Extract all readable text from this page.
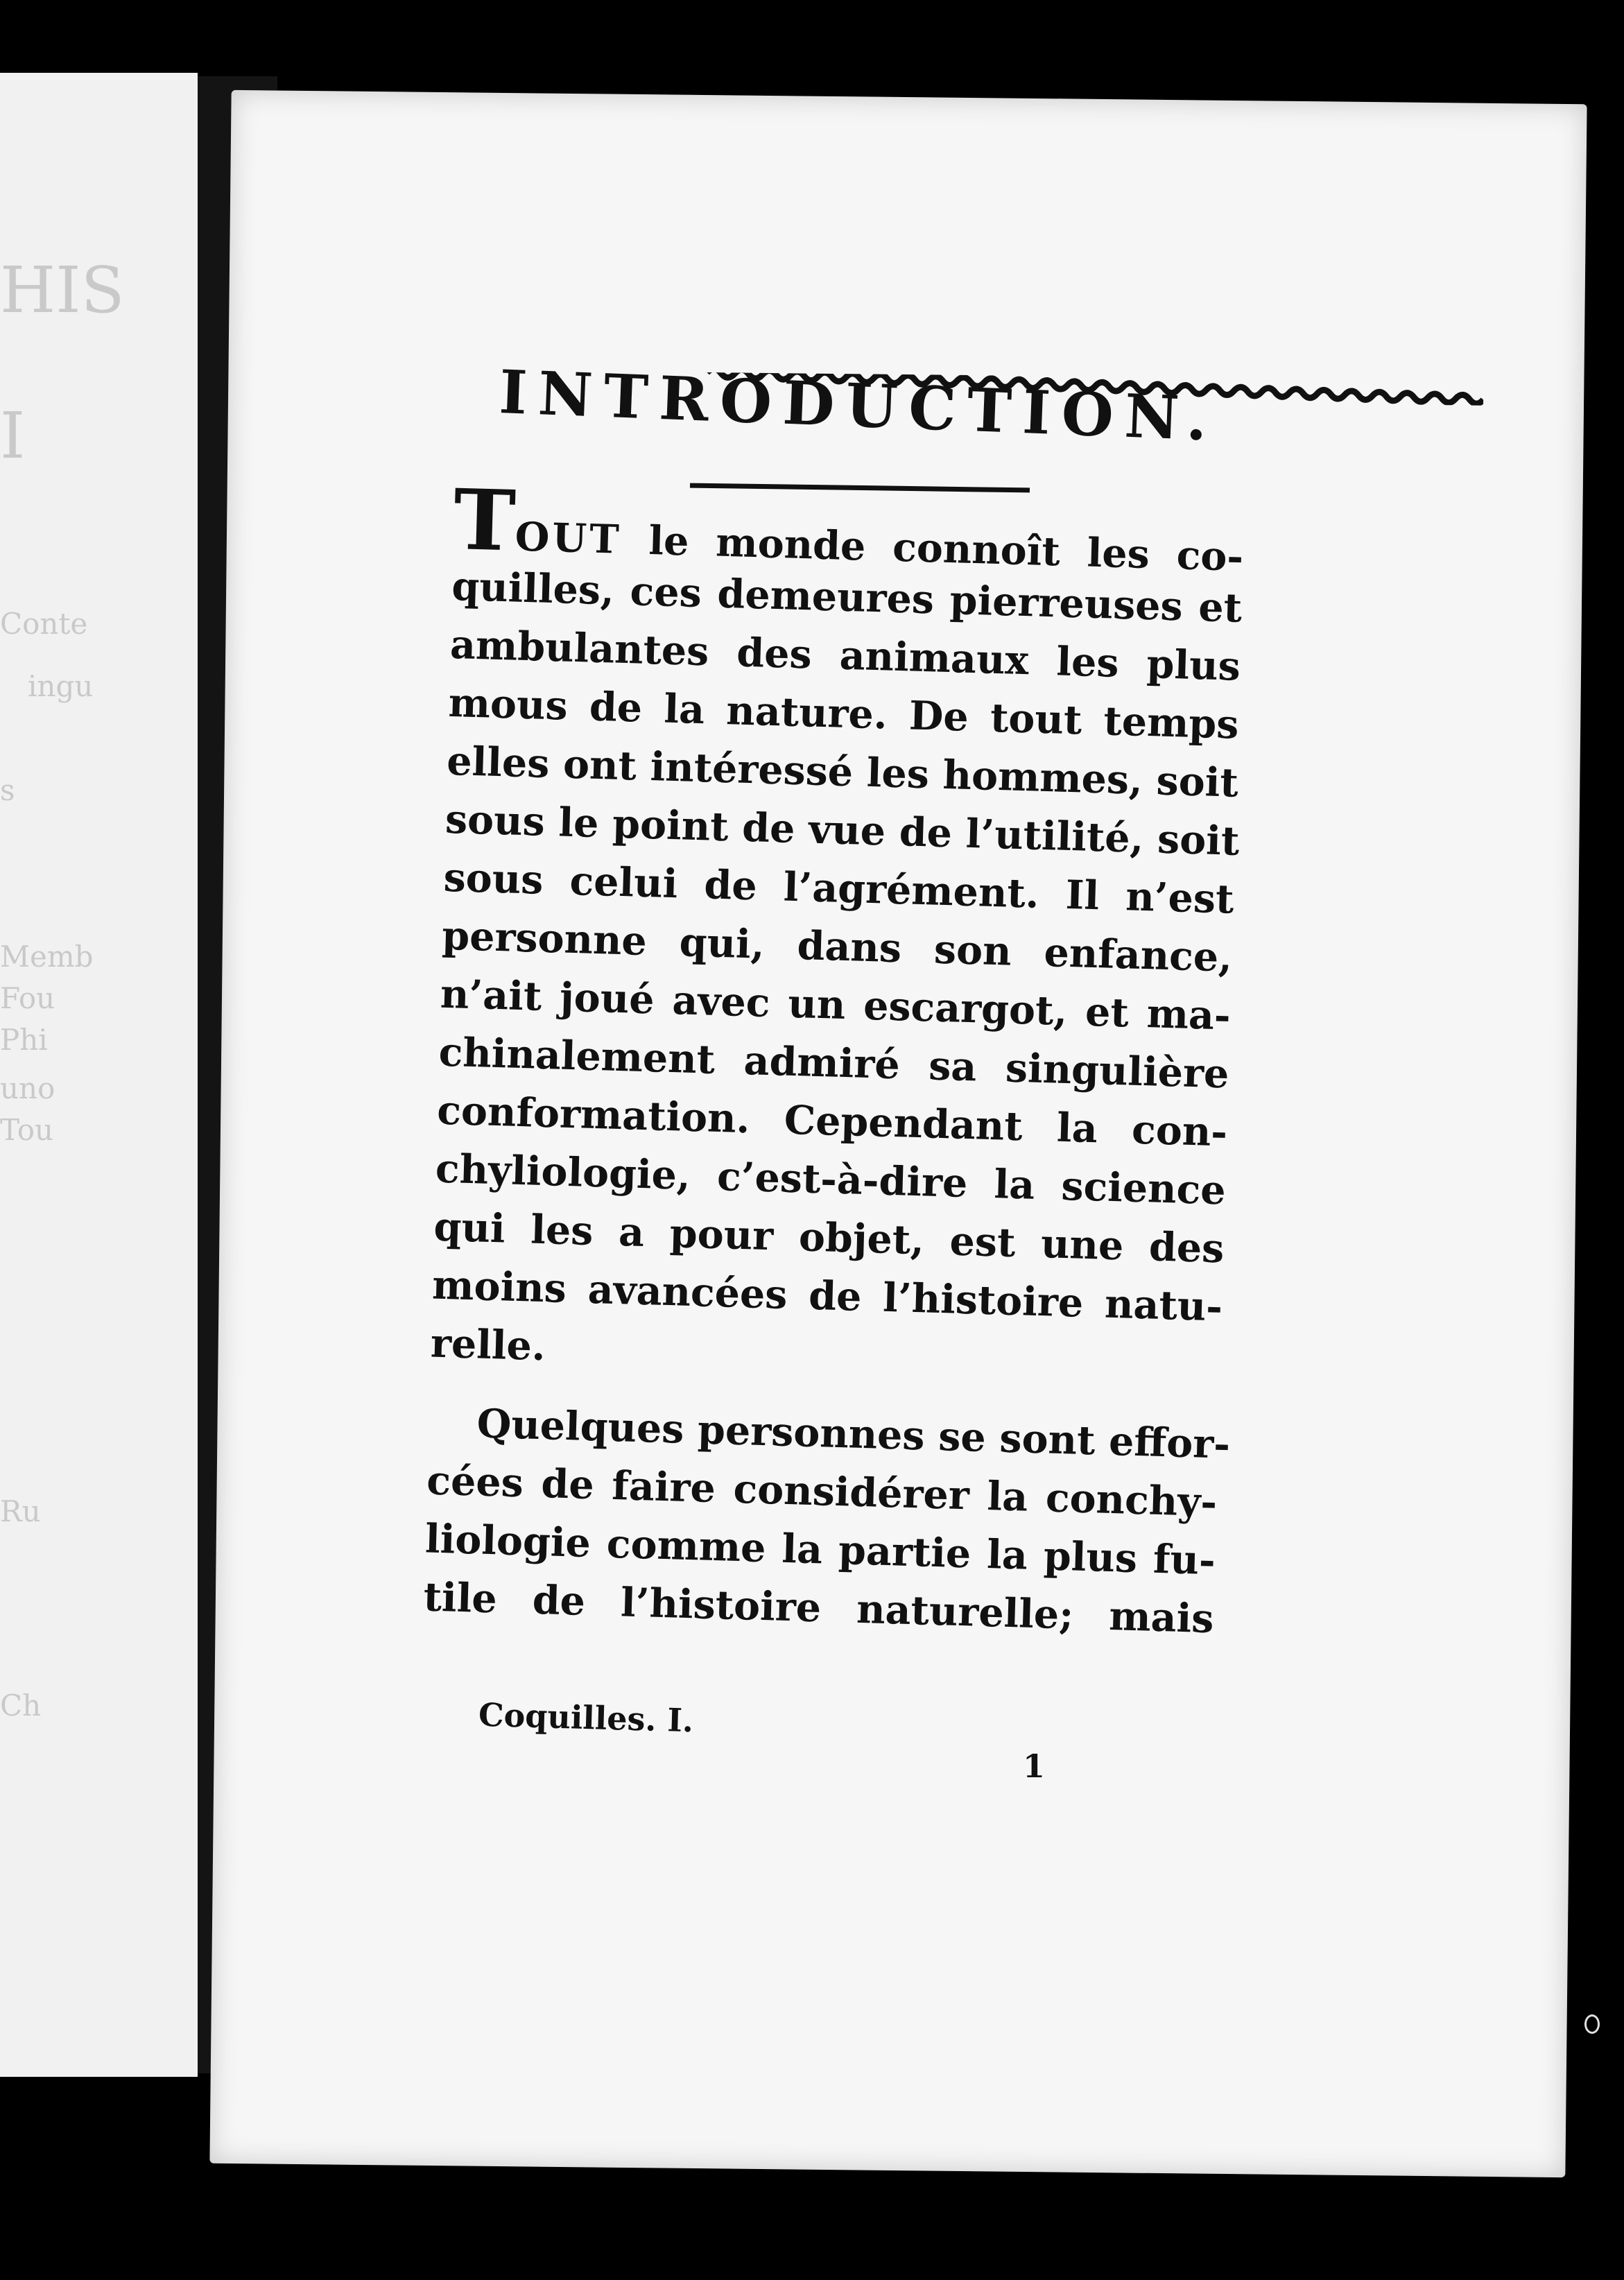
HIS
I
Conte
ingu
s
Memb
Fou
Phi
uno
Tou
Ru
Ch
INTRODUCTION.
TOUT le monde connoît les co-
quilles, ces demeures pierreuses et
ambulantes des animaux les plus
mous de la nature. De tout temps
elles ont intéressé les hommes, soit
sous le point de vue de l’utilité, soit
sous celui de l’agrément. Il n’est
personne qui, dans son enfance,
n’ait joué avec un escargot, et ma-
chinalement admiré sa singulière
conformation. Cependant la con-
chyliologie, c’est-à-dire la science
qui les a pour objet, est une des
moins avancées de l’histoire natu-
relle.
Quelques personnes se sont effor-
cées de faire considérer la conchy-
liologie comme la partie la plus fu-
tile de l’histoire naturelle; mais
Coquilles. I.
1
